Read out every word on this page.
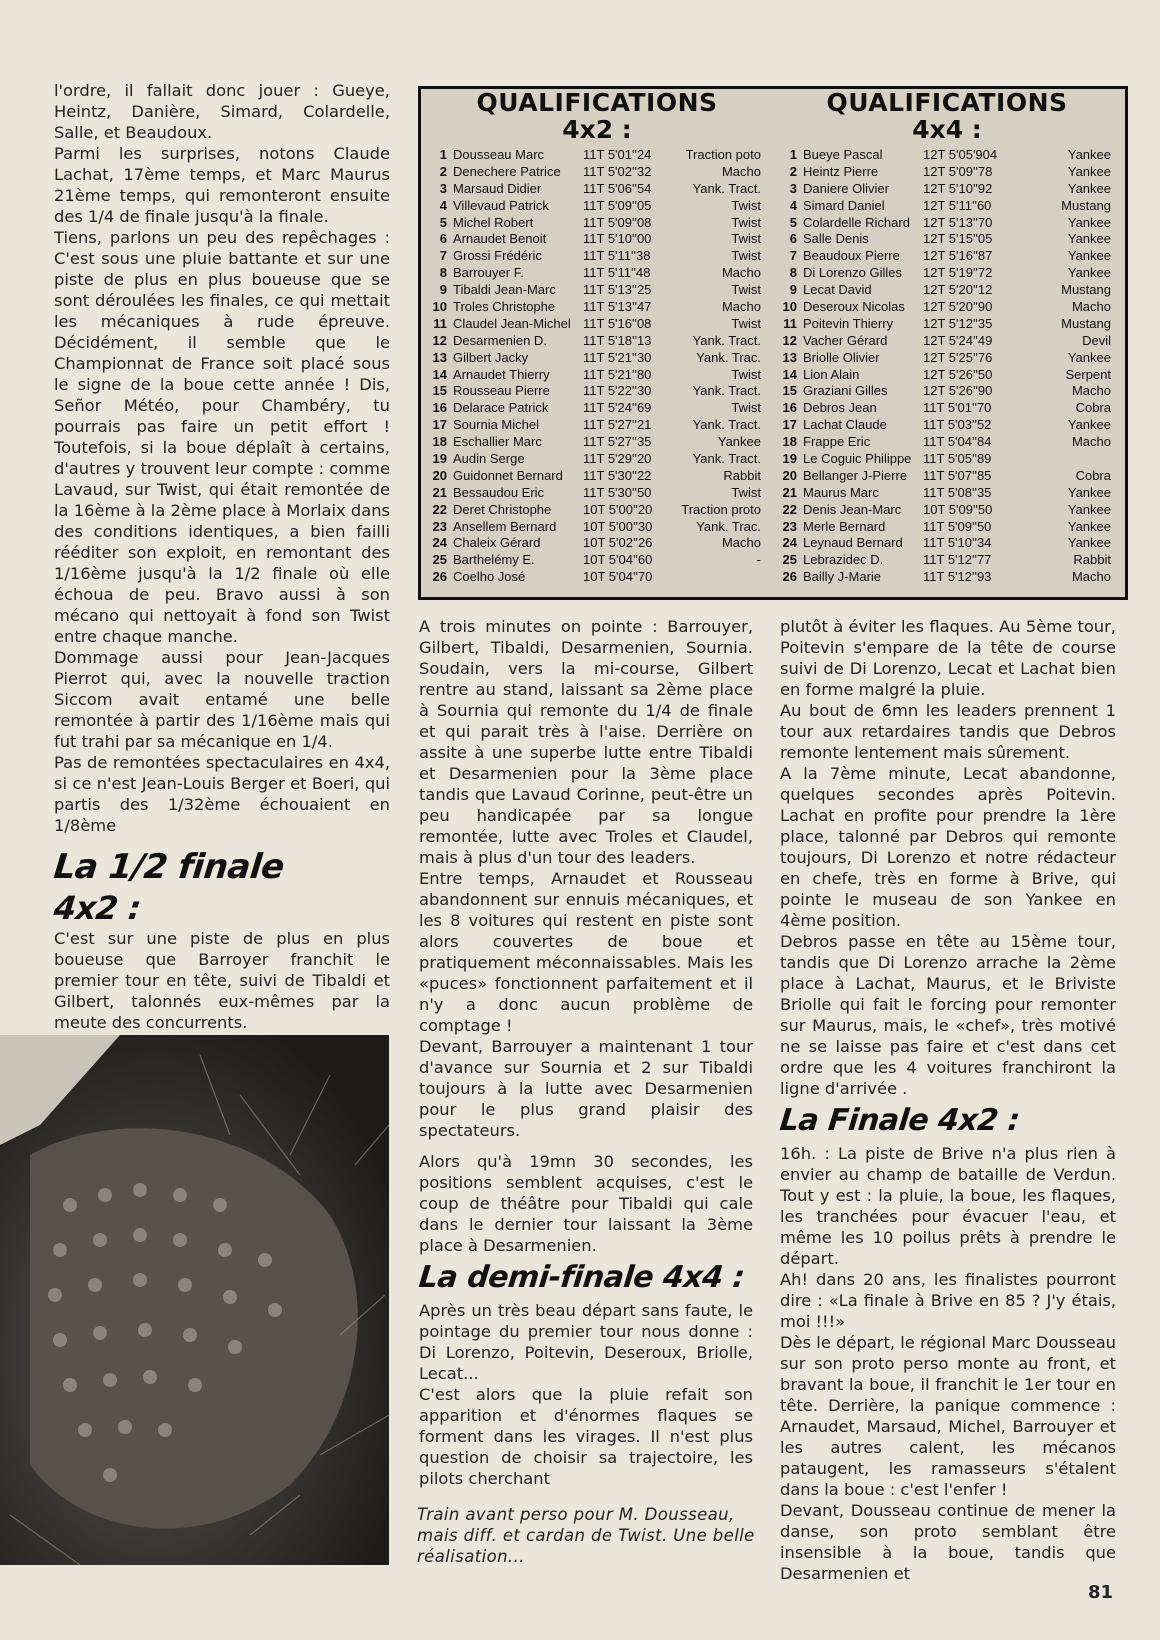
l'ordre, il fallait donc jouer : Gueye, Heintz, Danière, Simard, Colardelle, Salle, et Beaudoux.

Parmi les surprises, notons Claude Lachat, 17ème temps, et Marc Maurus 21ème temps, qui remonteront ensuite des 1/4 de finale jusqu'à la finale.

Tiens, parlons un peu des repêchages : C'est sous une pluie battante et sur une piste de plus en plus boueuse que se sont déroulées les finales, ce qui mettait les mécaniques à rude épreuve. Décidément, il semble que le Championnat de France soit placé sous le signe de la boue cette année ! Dis, Señor Météo, pour Chambéry, tu pourrais pas faire un petit effort ! Toutefois, si la boue déplaît à certains, d'autres y trouvent leur compte : comme Lavaud, sur Twist, qui était remontée de la 16ème à la 2ème place à Morlaix dans des conditions identiques, a bien failli rééditer son exploit, en remontant des 1/16ème jusqu'à la 1/2 finale où elle échoua de peu. Bravo aussi à son mécano qui nettoyait à fond son Twist entre chaque manche.

Dommage aussi pour Jean-Jacques Pierrot qui, avec la nouvelle traction Siccom avait entamé une belle remontée à partir des 1/16ème mais qui fut trahi par sa mécanique en 1/4.

Pas de remontées spectaculaires en 4x4, si ce n'est Jean-Louis Berger et Boeri, qui partis des 1/32ème échouaient en 1/8ème

La 1/2 finale
4x2 :

C'est sur une piste de plus en plus boueuse que Barroyer franchit le premier tour en tête, suivi de Tibaldi et Gilbert, talonnés eux-mêmes par la meute des concurrents.

QUALIFICATIONS
4x2 :
1 Dousseau Marc	11T 5'01''24	Traction poto
2 Denechere Patrice 11T 5'02''32	Macho
3 Marsaud Didier	11T 5'06''54	Yank. Tract.
4 Villevaud Patrick	11T 5'09''05	Twist
5 Michel Robert	11T 5'09''08	Twist
6 Arnaudet Benoit	11T 5'10''00	Twist
7 Grossi Frédéric	11T 5'11''38	Twist
8 Barrouyer F.	11T 5'11''48	Macho
9 Tibaldi Jean-Marc 11T 5'13''25	Twist
10 Troles Christophe 11T 5'13''47	Macho
11 Claudel Jean-Michel 11T 5'16''08	Twist
12 Desarmenien D.	11T 5'18''13	Yank. Tract.
13 Gilbert Jacky	11T 5'21''30	Yank. Trac.
14 Arnaudet Thierry	11T 5'21''80	Twist
15 Rousseau Pierre	11T 5'22''30	Yank. Tract.
16 Delarace Patrick	11T 5'24''69	Twist
17 Sournia Michel	11T 5'27''21	Yank. Tract.
18 Eschallier Marc	11T 5'27''35	Yankee
19 Audin Serge	11T 5'29''20	Yank. Tract.
20 Guidonnet Bernard 11T 5'30''22	Rabbit
21 Bessaudou Eric	11T 5'30''50	Twist
22 Deret Christophe 10T 5'00''20 Traction proto
23 Ansellem Bernard 10T 5'00''30	Yank. Trac.
24 Chaleix Gérard	10T 5'02''26	Macho
25 Barthelémy E.	10T 5'04''60	-
26 Coelho José	10T 5'04''70
QUALIFICATIONS
4x4 :
1 Bueye Pascal	12T 5'05'904	Yankee
2 Heintz Pierre	12T 5'09''78	Yankee
3 Daniere Olivier	12T 5'10''92	Yankee
4 Simard Daniel	12T 5'11''60	Mustang
5 Colardelle Richard 12T 5'13''70	Yankee
6 Salle Denis	12T 5'15''05	Yankee
7 Beaudoux Pierre 12T 5'16''87	Yankee
8 Di Lorenzo Gilles 12T 5'19''72	Yankee
9 Lecat David	12T 5'20''12	Mustang
10 Deseroux Nicolas 12T 5'20''90	Macho
11 Poitevin Thierry 12T 5'12''35	Mustang
12 Vacher Gérard	12T 5'24''49	Devil
13 Briolle Olivier	12T 5'25''76	Yankee
14 Lion Alain	12T 5'26''50	Serpent
15 Graziani Gilles	12T 5'26''90	Macho
16 Debros Jean	11T 5'01''70	Cobra
17 Lachat Claude	11T 5'03''52	Yankee
18 Frappe Eric	11T 5'04''84	Macho
19 Le Coguic Philippe 11T 5'05''89
20 Bellanger J-Pierre 11T 5'07''85	Cobra
21 Maurus Marc	11T 5'08''35	Yankee
22 Denis Jean-Marc 10T 5'09''50	Yankee
23 Merle Bernard	11T 5'09''50	Yankee
24 Leynaud Bernard 11T 5'10''34	Yankee
25 Lebrazidec D.	11T 5'12''77	Rabbit
26 Bailly J-Marie	11T 5'12''93	Macho

A trois minutes on pointe : Barrouyer, Gilbert, Tibaldi, Desarmenien, Sournia. Soudain, vers la mi-course, Gilbert rentre au stand, laissant sa 2ème place à Sournia qui remonte du 1/4 de finale et qui parait très à l'aise. Derrière on assite à une superbe lutte entre Tibaldi et Desarmenien pour la 3ème place tandis que Lavaud Corinne, peut-être un peu handicapée par sa longue remontée, lutte avec Troles et Claudel, mais à plus d'un tour des leaders.

Entre temps, Arnaudet et Rousseau abandonnent sur ennuis mécaniques, et les 8 voitures qui restent en piste sont alors couvertes de boue et pratiquement méconnaissables. Mais les «puces» fonctionnent parfaitement et il n'y a donc aucun problème de comptage !

Devant, Barrouyer a maintenant 1 tour d'avance sur Sournia et 2 sur Tibaldi toujours à la lutte avec Desarmenien pour le plus grand plaisir des spectateurs.

Alors qu'à 19mn 30 secondes, les positions semblent acquises, c'est le coup de théâtre pour Tibaldi qui cale dans le dernier tour laissant la 3ème place à Desarmenien.

La demi-finale 4x4 :

Après un très beau départ sans faute, le pointage du premier tour nous donne : Di Lorenzo, Poitevin, Deseroux, Briolle, Lecat...

C'est alors que la pluie refait son apparition et d'énormes flaques se forment dans les virages. Il n'est plus question de choisir sa trajectoire, les pilots cherchant

Train avant perso pour M. Dousseau, mais diff. et cardan de Twist. Une belle réalisation...

plutôt à éviter les flaques. Au 5ème tour, Poitevin s'empare de la tête de course suivi de Di Lorenzo, Lecat et Lachat bien en forme malgré la pluie.

Au bout de 6mn les leaders prennent 1 tour aux retardaires tandis que Debros remonte lentement mais sûrement.

A la 7ème minute, Lecat abandonne, quelques secondes après Poitevin. Lachat en profite pour prendre la 1ère place, talonné par Debros qui remonte toujours, Di Lorenzo et notre rédacteur en chefe, très en forme à Brive, qui pointe le museau de son Yankee en 4ème position.

Debros passe en tête au 15ème tour, tandis que Di Lorenzo arrache la 2ème place à Lachat, Maurus, et le Briviste Briolle qui fait le forcing pour remonter sur Maurus, mais, le «chef», très motivé ne se laisse pas faire et c'est dans cet ordre que les 4 voitures franchiront la ligne d'arrivée .

La Finale 4x2 :

16h. : La piste de Brive n'a plus rien à envier au champ de bataille de Verdun. Tout y est : la pluie, la boue, les flaques, les tranchées pour évacuer l'eau, et même les 10 poilus prêts à prendre le départ.

Ah! dans 20 ans, les finalistes pourront dire : «La finale à Brive en 85 ? J'y étais, moi !!!»

Dès le départ, le régional Marc Dousseau sur son proto perso monte au front, et bravant la boue, il franchit le 1er tour en tête. Derrière, la panique commence : Arnaudet, Marsaud, Michel, Barrouyer et les autres calent, les mécanos pataugent, les ramasseurs s'étalent dans la boue : c'est l'enfer !

Devant, Dousseau continue de mener la danse, son proto semblant être insensible à la boue, tandis que Desarmenien et

81
